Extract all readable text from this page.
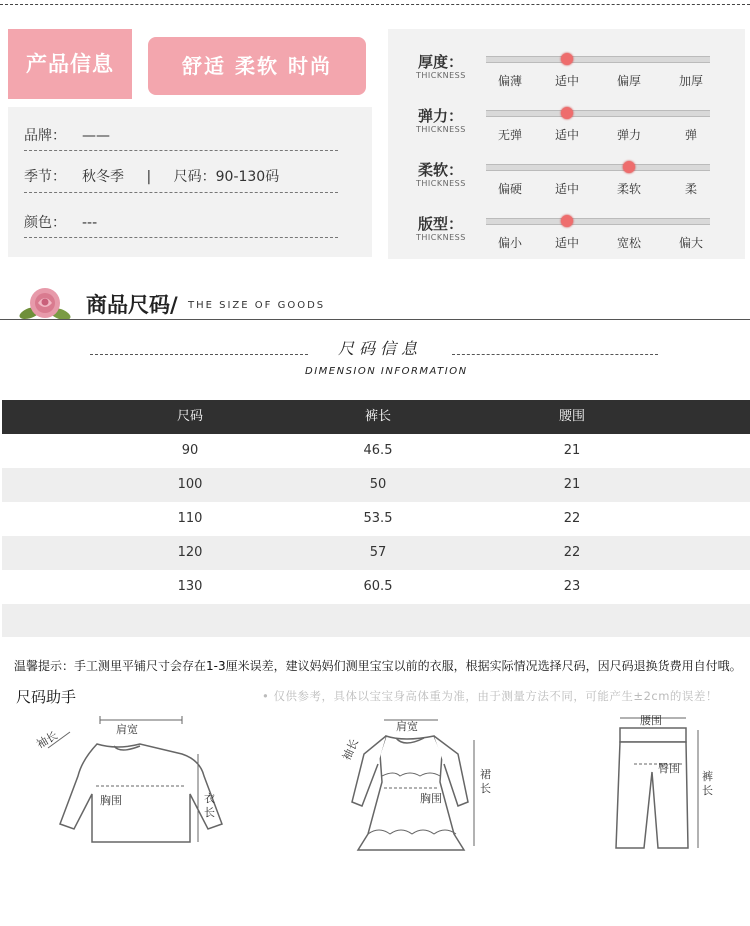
产品信息	舒适 柔软 时尚
品牌： ——
季节： 秋冬季 | 尺码：90-130码
颜色： ---
厚度：
THICKNESS	偏薄	适中	偏厚	加厚
弹力：
THICKNESS	无弹	适中	弹力	弹
柔软：
THICKNESS	偏硬	适中	柔软	柔
版型：
THICKNESS	偏小	适中	宽松	偏大
商品尺码/ THE SIZE OF GOODS
尺码信息
DIMENSION INFORMATION
尺码	裤长	腰围
90	46.5	21
100	50	21
110	53.5	22
120	57	22
130	60.5	23
温馨提示：手工测里平铺尺寸会存在1-3厘米误差，建议妈妈们测里宝宝以前的衣服，根据实际情况选择尺码，因尺码退换货费用自付哦。
尺码助手	• 仅供参考，具体以宝宝身高体重为准，由于测量方法不同，可能产生±2cm的误差！
肩宽
袖长
胸围	衣
长
肩宽
袖长
胸围
裙
长
腰围
臀围
裤
长
